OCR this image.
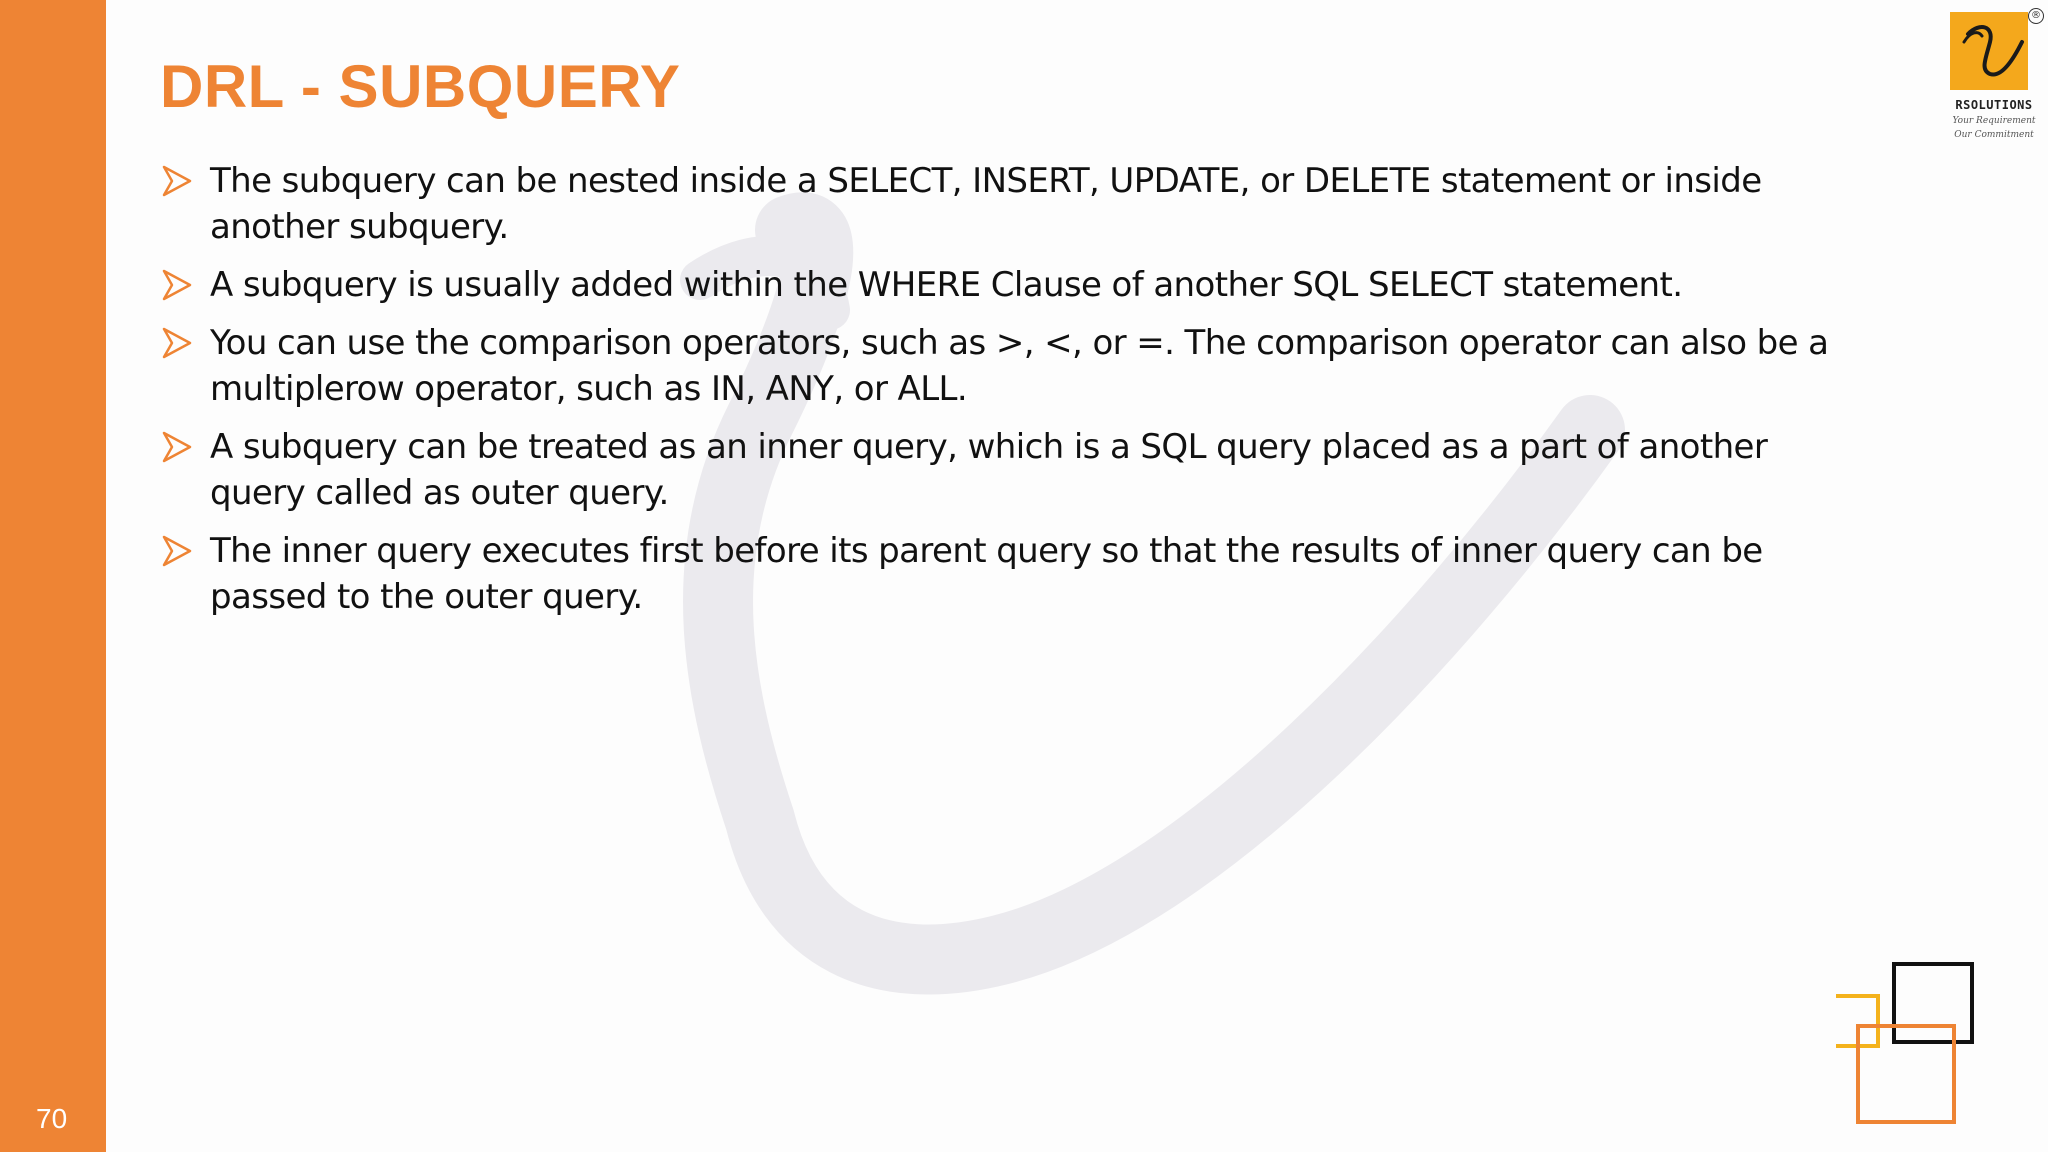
70
DRL - SUBQUERY
The subquery can be nested inside a SELECT, INSERT, UPDATE, or DELETE statement or inside another subquery.
A subquery is usually added within the WHERE Clause of another SQL SELECT statement.
You can use the comparison operators, such as >, <, or =. The comparison operator can also be a multiplerow operator, such as IN, ANY, or ALL.
A subquery can be treated as an inner query, which is a SQL query placed as a part of another query called as outer query.
The inner query executes first before its parent query so that the results of inner query can be passed to the outer query.
®
RSOLUTIONS
Your Requirement
Our Commitment
